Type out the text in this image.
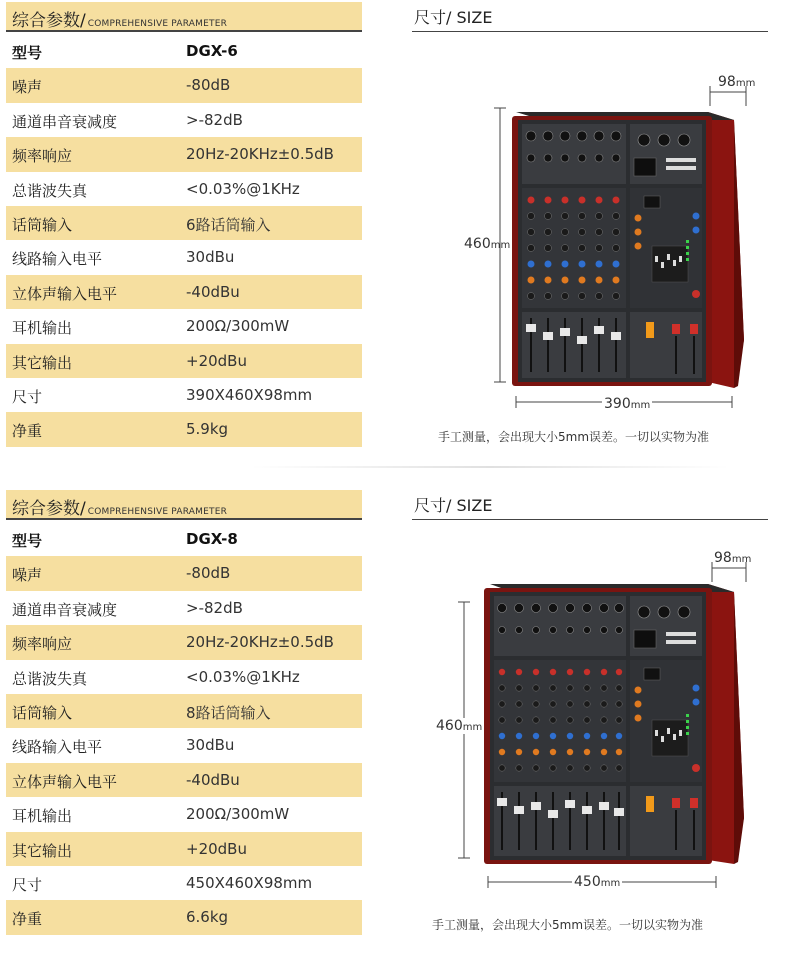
综合参数/ COMPREHENSIVE PARAMETER
型号	DGX-6
噪声	-80dB
通道串音衰减度	>-82dB
频率响应	20Hz-20KHz±0.5dB
总谐波失真	<0.03%@1KHz
话筒输入	6路话筒输入
线路输入电平	30dBu
立体声输入电平	-40dBu
耳机输出	200Ω/300mW
其它输出	+20dBu
尺寸	390X460X98mm
净重	5.9kg
尺寸/ SIZE
98mm
460mm
390mm
手工测量，会出现大小5mm误差。一切以实物为准
综合参数/ COMPREHENSIVE PARAMETER
型号	DGX-8
噪声	-80dB
通道串音衰减度	>-82dB
频率响应	20Hz-20KHz±0.5dB
总谐波失真	<0.03%@1KHz
话筒输入	8路话筒输入
线路输入电平	30dBu
立体声输入电平	-40dBu
耳机输出	200Ω/300mW
其它输出	+20dBu
尺寸	450X460X98mm
净重	6.6kg
尺寸/ SIZE
98mm
460mm
450mm
手工测量，会出现大小5mm误差。一切以实物为准
